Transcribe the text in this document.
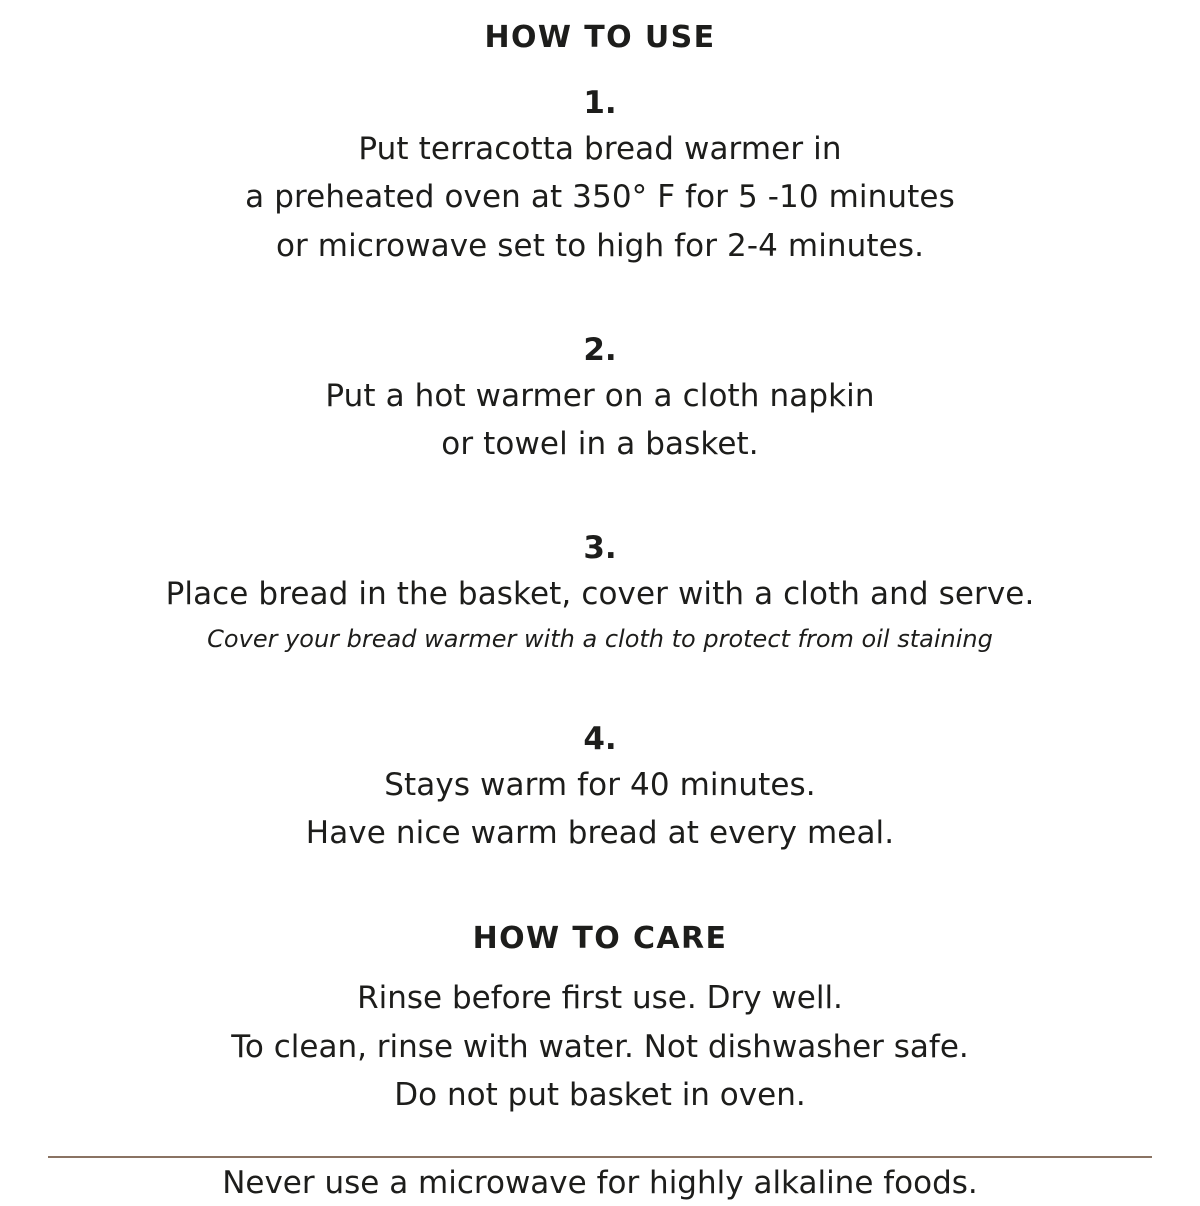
HOW TO USE
1.
Put terracotta bread warmer in
a preheated oven at 350° F for 5 -10 minutes
or microwave set to high for 2-4 minutes.
2.
Put a hot warmer on a cloth napkin
or towel in a basket.
3.
Place bread in the basket, cover with a cloth and serve.
Cover your bread warmer with a cloth to protect from oil staining
4.
Stays warm for 40 minutes.
Have nice warm bread at every meal.
HOW TO CARE
Rinse before first use. Dry well.
To clean, rinse with water. Not dishwasher safe.
Do not put basket in oven.
Never use a microwave for highly alkaline foods.
